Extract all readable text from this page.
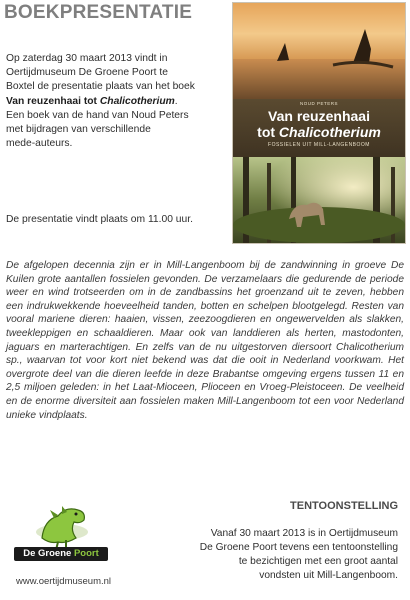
BOEKPRESENTATIE
Op zaterdag 30 maart 2013 vindt in
Oertijdmuseum De Groene Poort te
Boxtel de presentatie plaats van het boek
Van reuzenhaai tot Chalicotherium.
Een boek van de hand van Noud Peters
met bijdragen van verschillende
mede-auteurs.
De presentatie vindt plaats om 11.00 uur.
NOUD PETERS
Van reuzenhaai
tot Chalicotherium
FOSSIELEN UIT MILL-LANGENBOOM
De afgelopen decennia zijn er in Mill-Langenboom bij de zandwinning in groeve De Kuilen grote aantallen fossielen gevonden. De verzamelaars die gedurende de periode weer en wind trotseerden om in de zandbassins het groenzand uit te zeven, hebben een indrukwekkende hoeveelheid tanden, botten en schelpen blootgelegd. Resten van vooral mariene dieren: haaien, vissen, zeezoogdieren en ongewervelden als slakken, tweekleppigen en schaaldieren. Maar ook van landdieren als herten, mastodonten, jaguars en marterachtigen. En zelfs van de nu uitgestorven diersoort Chalicotherium sp., waarvan tot voor kort niet bekend was dat die ooit in Nederland voorkwam. Het overgrote deel van die dieren leefde in deze Brabantse omgeving ergens tussen 11 en 2,5 miljoen geleden: in het Laat-Mioceen, Plioceen en Vroeg-Pleistoceen. De veelheid en de enorme diversiteit aan fossielen maken Mill-Langenboom tot een voor Nederland unieke vindplaats.
De Groene Poort
www.oertijdmuseum.nl
TENTOONSTELLING
Vanaf 30 maart 2013 is in Oertijdmuseum
De Groene Poort tevens een tentoonstelling
te bezichtigen met een groot aantal
vondsten uit Mill-Langenboom.
